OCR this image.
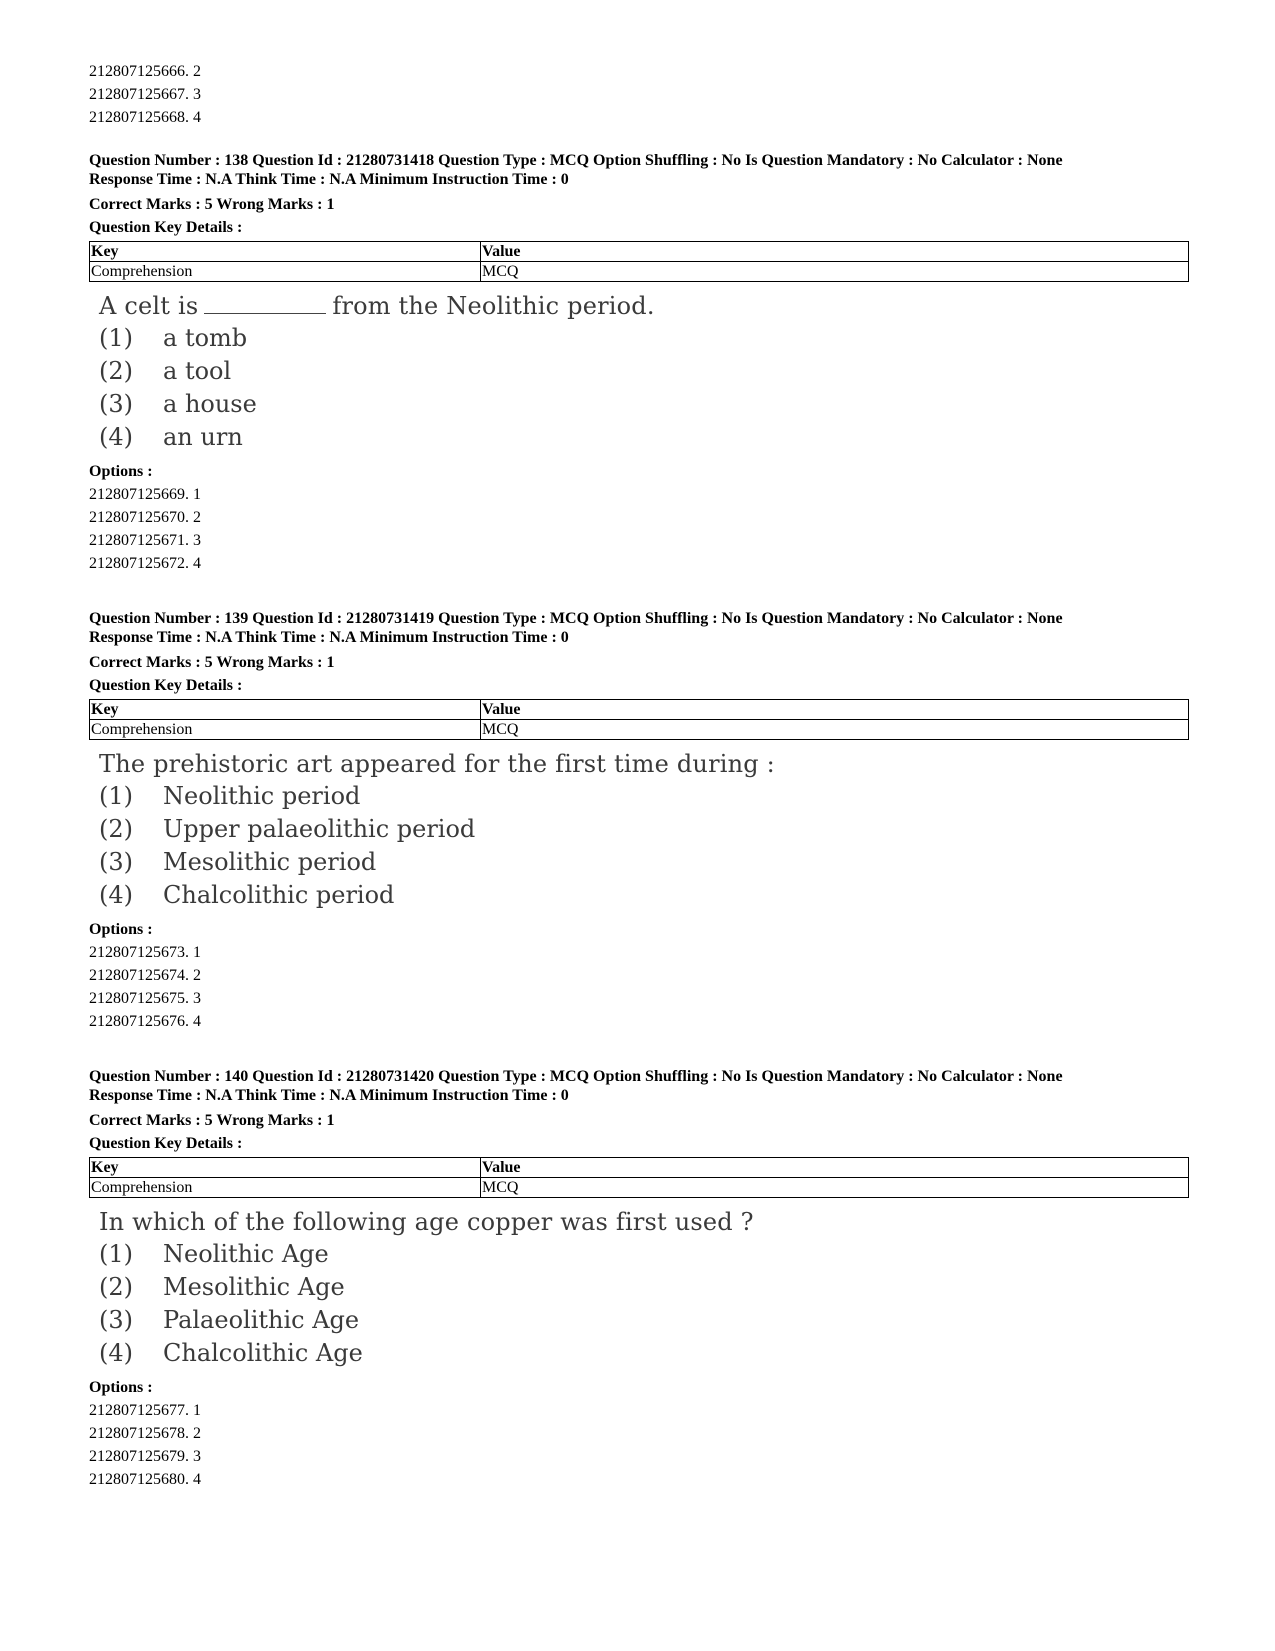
212807125666. 2
212807125667. 3
212807125668. 4
Question Number : 138 Question Id : 21280731418 Question Type : MCQ Option Shuffling : No Is Question Mandatory : No Calculator : None
Response Time : N.A Think Time : N.A Minimum Instruction Time : 0
Correct Marks : 5 Wrong Marks : 1
Question Key Details :
Key	Value
Comprehension	MCQ
A celt is	from the Neolithic period.
(1) a tomb
(2) a tool
(3) a house
(4) an urn
Options :
212807125669. 1
212807125670. 2
212807125671. 3
212807125672. 4
Question Number : 139 Question Id : 21280731419 Question Type : MCQ Option Shuffling : No Is Question Mandatory : No Calculator : None
Response Time : N.A Think Time : N.A Minimum Instruction Time : 0
Correct Marks : 5 Wrong Marks : 1
Question Key Details :
Key	Value
Comprehension	MCQ
The prehistoric art appeared for the first time during :
(1) Neolithic period
(2) Upper palaeolithic period
(3) Mesolithic period
(4) Chalcolithic period
Options :
212807125673. 1
212807125674. 2
212807125675. 3
212807125676. 4
Question Number : 140 Question Id : 21280731420 Question Type : MCQ Option Shuffling : No Is Question Mandatory : No Calculator : None
Response Time : N.A Think Time : N.A Minimum Instruction Time : 0
Correct Marks : 5 Wrong Marks : 1
Question Key Details :
Key	Value
Comprehension	MCQ
In which of the following age copper was first used ?
(1) Neolithic Age
(2) Mesolithic Age
(3) Palaeolithic Age
(4) Chalcolithic Age
Options :
212807125677. 1
212807125678. 2
212807125679. 3
212807125680. 4
